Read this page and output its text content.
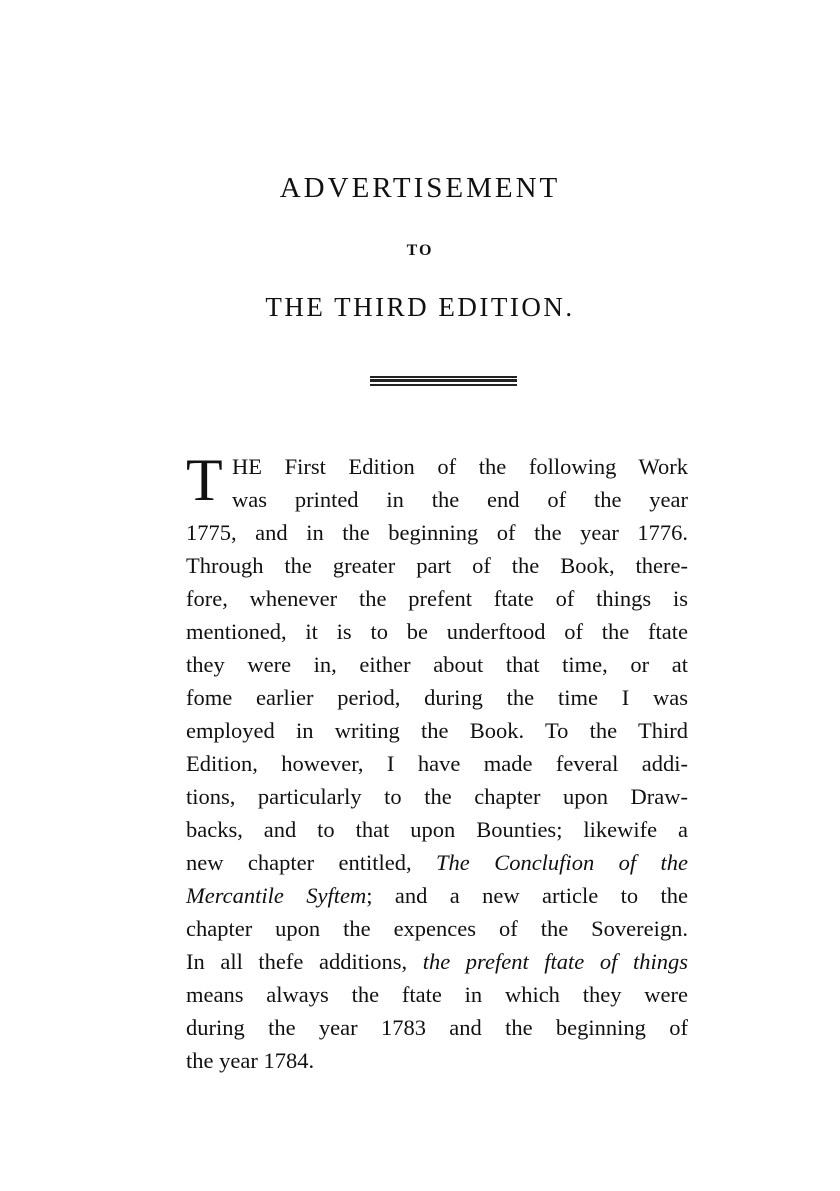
ADVERTISEMENT
TO
THE THIRD EDITION.
T HE First Edition of the following Work
was printed in the end of the year
1775, and in the beginning of the year 1776.
Through the greater part of the Book, there-
fore, whenever the prefent ftate of things is
mentioned, it is to be underftood of the ftate
they were in, either about that time, or at
fome earlier period, during the time I was
employed in writing the Book. To the Third
Edition, however, I have made feveral addi-
tions, particularly to the chapter upon Draw-
backs, and to that upon Bounties; likewife a
new chapter entitled, The Conclufion of the
Mercantile Syftem; and a new article to the
chapter upon the expences of the Sovereign.
In all thefe additions, the prefent ftate of things
means always the ftate in which they were
during the year 1783 and the beginning of
the year 1784.
